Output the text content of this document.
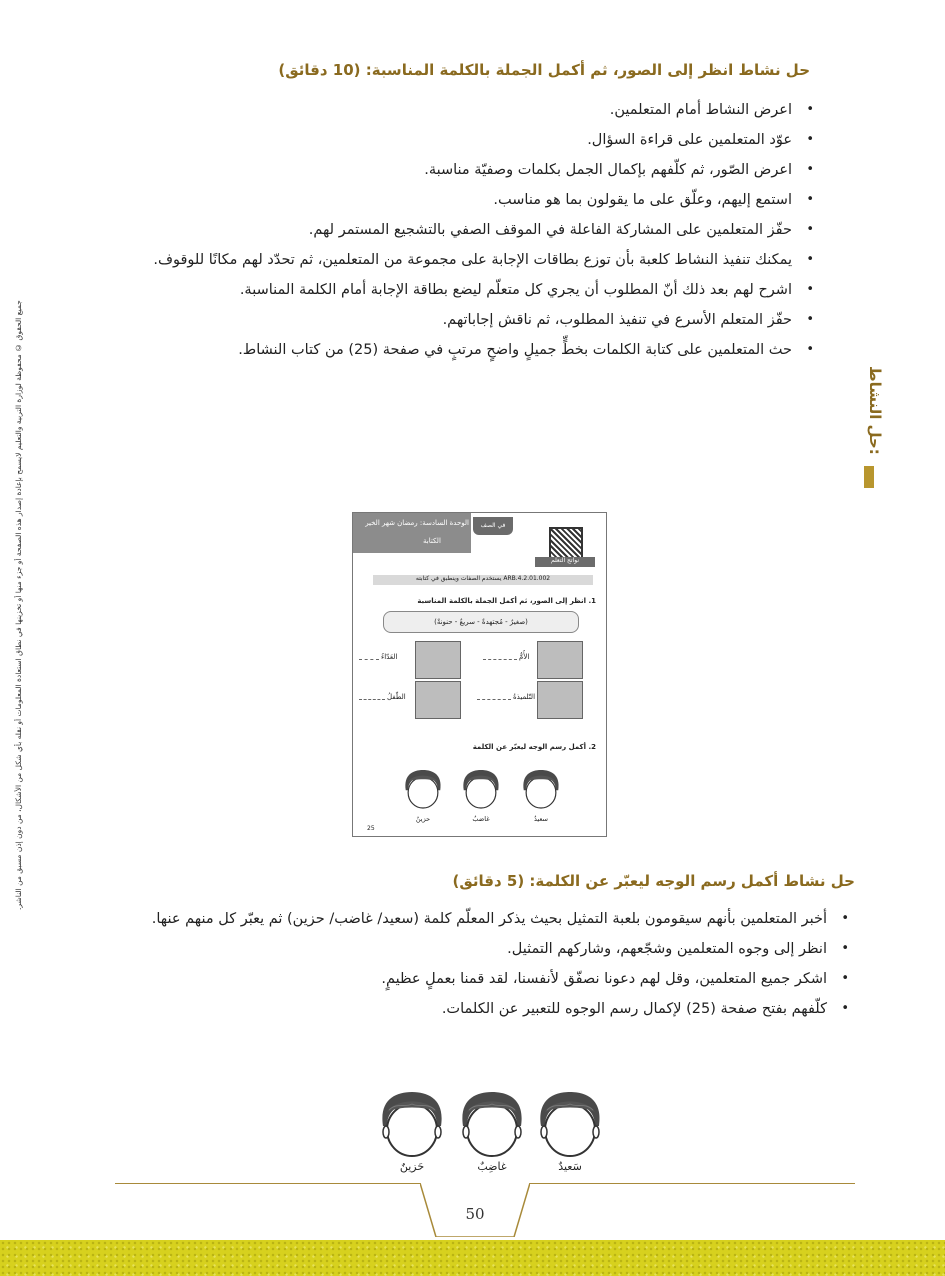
حل نشاط انظر إلى الصور، ثم أكمل الجملة بالكلمة المناسبة: (10 دقائق)
• اعرض النشاط أمام المتعلمين.
• عوّد المتعلمين على قراءة السؤال.
• اعرض الصّور، ثم كلّفهم بإكمال الجمل بكلمات وصفيّة مناسبة.
• استمع إليهم، وعلّق على ما يقولون بما هو مناسب.
• حفّز المتعلمين على المشاركة الفاعلة في الموقف الصفي بالتشجيع المستمر لهم.
• يمكنك تنفيذ النشاط كلعبة بأن توزع بطاقات الإجابة على مجموعة من المتعلمين، ثم تحدّد لهم مكانًا للوقوف.
• اشرح لهم بعد ذلك أنّ المطلوب أن يجري كل متعلّم ليضع بطاقة الإجابة أمام الكلمة المناسبة.
• حفّز المتعلم الأسرع في تنفيذ المطلوب، ثم ناقش إجاباتهم.
• حث المتعلمين على كتابة الكلمات بخطٍّ جميلٍ واضحٍ مرتبٍ في صفحة (25) من كتاب النشاط.
حل النشاط:
جميع الحقوق © محفوظة لوزارة التربية والتعليم لايسمح بإعادة إصدار هذه الصفحة أو جزء منها أو تخزينها في نطاق استعادة المعلومات أو نقله بأي شكل من الأشكال، من دون إذن مسبق من الناشر.	الوحدة السادسة: رمضان شهر الخير
الكتابة
في الصف
نواتج التعلم
ARB.4.2.01.002 يستخدم الصفات وينطبق في كتابته
1. انظر إلى الصور، ثم أكمل الجملة بالكلمة المناسبة
(صغيرٌ - مُجتهدةٌ - سريعٌ - حنونةٌ)
الأُمُّ
العَدّاءُ
التّلميذةُ
الطّفلُ
2. أكمل رسم الوجه ليعبّر عن الكلمة
سعيدٌ
غاضبٌ
حزينٌ
25
حل نشاط أكمل رسم الوجه ليعبّر عن الكلمة: (5 دقائق)
• أخبر المتعلمين بأنهم سيقومون بلعبة التمثيل بحيث يذكر المعلّم كلمة (سعيد/ غاضب/ حزين) ثم يعبّر كل منهم عنها.
• انظر إلى وجوه المتعلمين وشجّعهم، وشاركهم التمثيل.
• اشكر جميع المتعلمين، وقل لهم دعونا نصفّق لأنفسنا، لقد قمنا بعملٍ عظيمٍ.
• كلّفهم بفتح صفحة (25) لإكمال رسم الوجوه للتعبير عن الكلمات.
سَعيدٌ
غاضِبٌ
حَزينٌ
50
